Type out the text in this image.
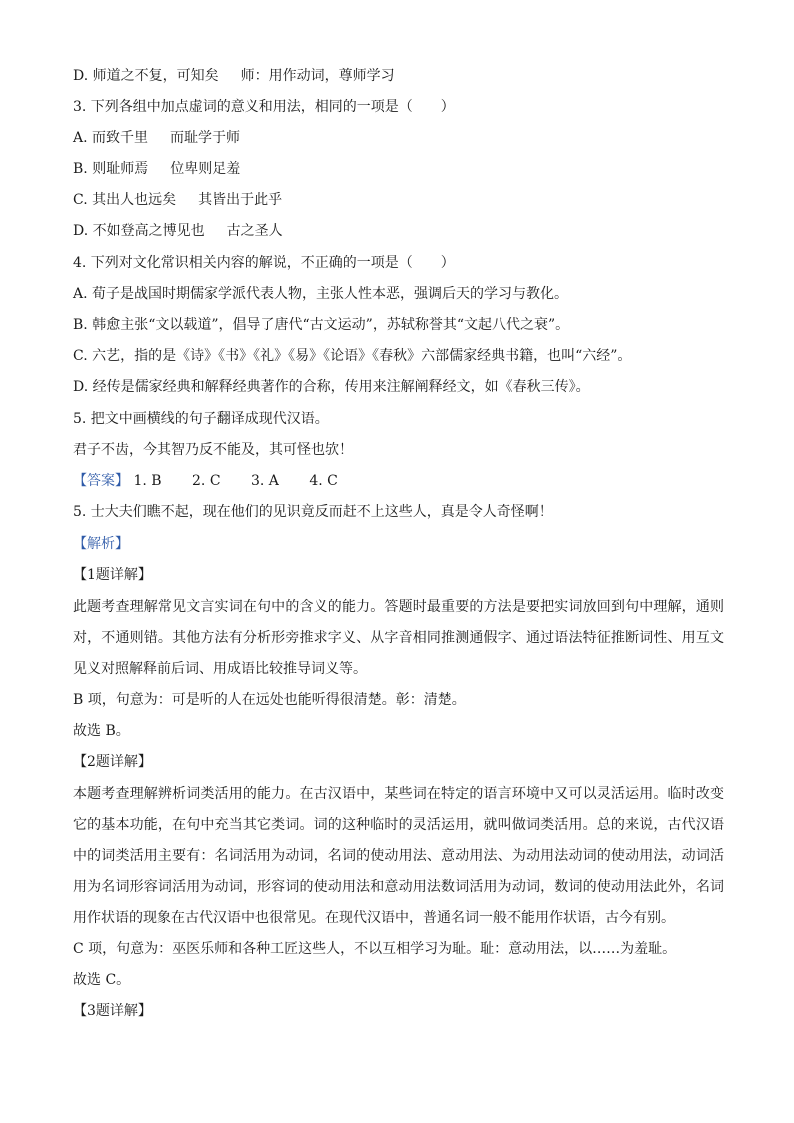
D. 师道之不复，可知矣 师：用作动词，尊师学习
3. 下列各组中加点虚词的意义和用法，相同的一项是（　　）
A. 而致千里 而耻学于师
B. 则耻师焉 位卑则足羞
C. 其出人也远矣 其皆出于此乎
D. 不如登高之博见也 古之圣人
4. 下列对文化常识相关内容的解说，不正确的一项是（　　）
A. 荀子是战国时期儒家学派代表人物，主张人性本恶，强调后天的学习与教化。
B. 韩愈主张“文以载道”，倡导了唐代“古文运动”，苏轼称誉其“文起八代之衰”。
C. 六艺，指的是《诗》《书》《礼》《易》《论语》《春秋》六部儒家经典书籍，也叫“六经”。
D. 经传是儒家经典和解释经典著作的合称，传用来注解阐释经文，如《春秋三传》。
5. 把文中画横线的句子翻译成现代汉语。
君子不齿，今其智乃反不能及，其可怪也欤！
【答案】 1. B 2. C 3. A 4. C
5. 士大夫们瞧不起，现在他们的见识竟反而赶不上这些人，真是令人奇怪啊！
【解析】
【1题详解】
此题考查理解常见文言实词在句中的含义的能力。答题时最重要的方法是要把实词放回到句中理解，通则
对，不通则错。其他方法有分析形旁推求字义、从字音相同推测通假字、通过语法特征推断词性、用互文
见义对照解释前后词、用成语比较推导词义等。
B 项，句意为：可是听的人在远处也能听得很清楚。彰：清楚。
故选 B。
【2题详解】
本题考查理解辨析词类活用的能力。在古汉语中，某些词在特定的语言环境中又可以灵活运用。临时改变
它的基本功能，在句中充当其它类词。词的这种临时的灵活运用，就叫做词类活用。总的来说，古代汉语
中的词类活用主要有：名词活用为动词，名词的使动用法、意动用法、为动用法动词的使动用法，动词活
用为名词形容词活用为动词，形容词的使动用法和意动用法数词活用为动词，数词的使动用法此外，名词
用作状语的现象在古代汉语中也很常见。在现代汉语中，普通名词一般不能用作状语，古今有别。
C 项，句意为：巫医乐师和各种工匠这些人，不以互相学习为耻。耻：意动用法，以……为羞耻。
故选 C。
【3题详解】
